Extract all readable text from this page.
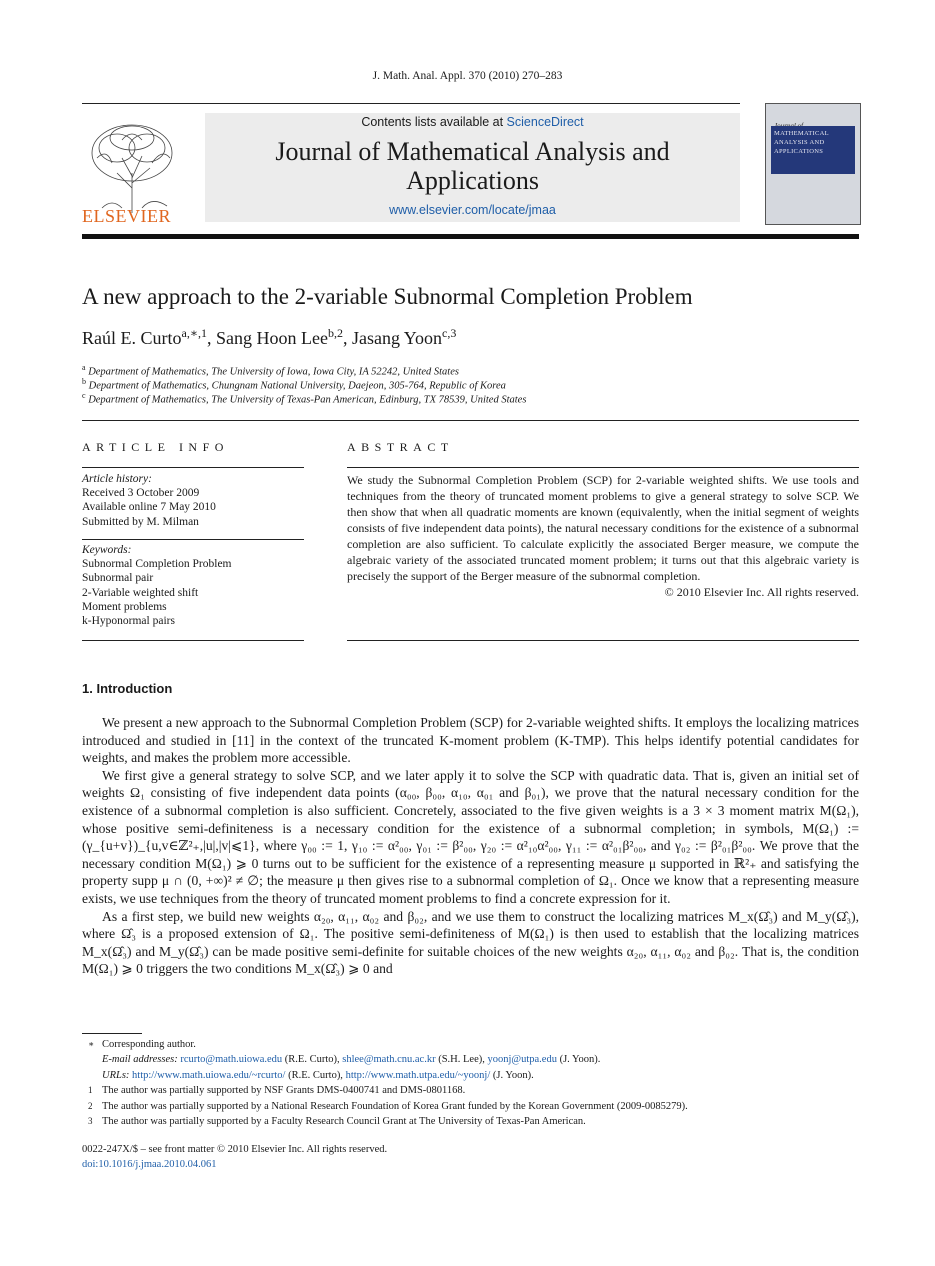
J. Math. Anal. Appl. 370 (2010) 270–283
ELSEVIER
Contents lists available at ScienceDirect
Journal of Mathematical Analysis and
Applications
www.elsevier.com/locate/jmaa
MATHEMATICAL
ANALYSIS AND
APPLICATIONS
A new approach to the 2-variable Subnormal Completion Problem
Raúl E. Curto$^{a,∗,1}$, Sang Hoon Lee$^{b,2}$, Jasang Yoon$^{c,3}$
$^a$ Department of Mathematics, The University of Iowa, Iowa City, IA 52242, United States
$^b$ Department of Mathematics, Chungnam National University, Daejeon, 305-764, Republic of Korea
$^c$ Department of Mathematics, The University of Texas-Pan American, Edinburg, TX 78539, United States
ARTICLE INFO
Article history:
Received 3 October 2009
Available online 7 May 2010
Submitted by M. Milman
Keywords:
Subnormal Completion Problem
Subnormal pair
2-Variable weighted shift
Moment problems
k-Hyponormal pairs
ABSTRACT
We study the Subnormal Completion Problem (SCP) for 2-variable weighted shifts. We use tools and techniques from the theory of truncated moment problems to give a general strategy to solve SCP. We then show that when all quadratic moments are known (equivalently, when the initial segment of weights consists of five independent data points), the natural necessary conditions for the existence of a subnormal completion are also sufficient. To calculate explicitly the associated Berger measure, we compute the algebraic variety of the associated truncated moment problem; it turns out that this algebraic variety is precisely the support of the Berger measure of the subnormal completion.
© 2010 Elsevier Inc. All rights reserved.
1. Introduction

We present a new approach to the Subnormal Completion Problem (SCP) for 2-variable weighted shifts. It employs the localizing matrices introduced and studied in [11] in the context of the truncated K-moment problem (K-TMP). This helps identify potential candidates for weights, and makes the problem more accessible.

We first give a general strategy to solve SCP, and we later apply it to solve the SCP with quadratic data. That is, given an initial set of weights Ω₁ consisting of five independent data points (α₀₀, β₀₀, α₁₀, α₀₁ and β₀₁), we prove that the natural necessary condition for the existence of a subnormal completion is also sufficient. Concretely, associated to the five given weights is a 3 × 3 moment matrix M(Ω₁), whose positive semi-definiteness is a necessary condition for the existence of a subnormal completion; in symbols, M(Ω₁) := (γ_{u+v})_{u,v∈ℤ²₊,|u|,|v|⩽1}, where γ₀₀ := 1, γ₁₀ := α²₀₀, γ₀₁ := β²₀₀, γ₂₀ := α²₁₀α²₀₀, γ₁₁ := α²₀₁β²₀₀, and γ₀₂ := β²₀₁β²₀₀. We prove that the necessary condition M(Ω₁) ⩾ 0 turns out to be sufficient for the existence of a representing measure μ supported in ℝ²₊ and satisfying the property supp μ ∩ (0, +∞)² ≠ ∅; the measure μ then gives rise to a subnormal completion of Ω₁. Once we know that a representing measure exists, we use techniques from the theory of truncated moment problems to find a concrete expression for it.

As a first step, we build new weights α₂₀, α₁₁, α₀₂ and β₀₂, and we use them to construct the localizing matrices M_x(Ω̂₃) and M_y(Ω̂₃), where Ω̂₃ is a proposed extension of Ω₁. The positive semi-definiteness of M(Ω₁) is then used to establish that the localizing matrices M_x(Ω̂₃) and M_y(Ω̂₃) can be made positive semi-definite for suitable choices of the new weights α₂₀, α₁₁, α₀₂ and β₀₂. That is, the condition M(Ω₁) ⩾ 0 triggers the two conditions M_x(Ω̂₃) ⩾ 0 and

∗ Corresponding author.
E-mail addresses: rcurto@math.uiowa.edu (R.E. Curto), shlee@math.cnu.ac.kr (S.H. Lee), yoonj@utpa.edu (J. Yoon).
URLs: http://www.math.uiowa.edu/~rcurto/ (R.E. Curto), http://www.math.utpa.edu/~yoonj/ (J. Yoon).
1 The author was partially supported by NSF Grants DMS-0400741 and DMS-0801168.
2 The author was partially supported by a National Research Foundation of Korea Grant funded by the Korean Government (2009-0085279).
3 The author was partially supported by a Faculty Research Council Grant at The University of Texas-Pan American.
0022-247X/$ – see front matter © 2010 Elsevier Inc. All rights reserved.
doi:10.1016/j.jmaa.2010.04.061
